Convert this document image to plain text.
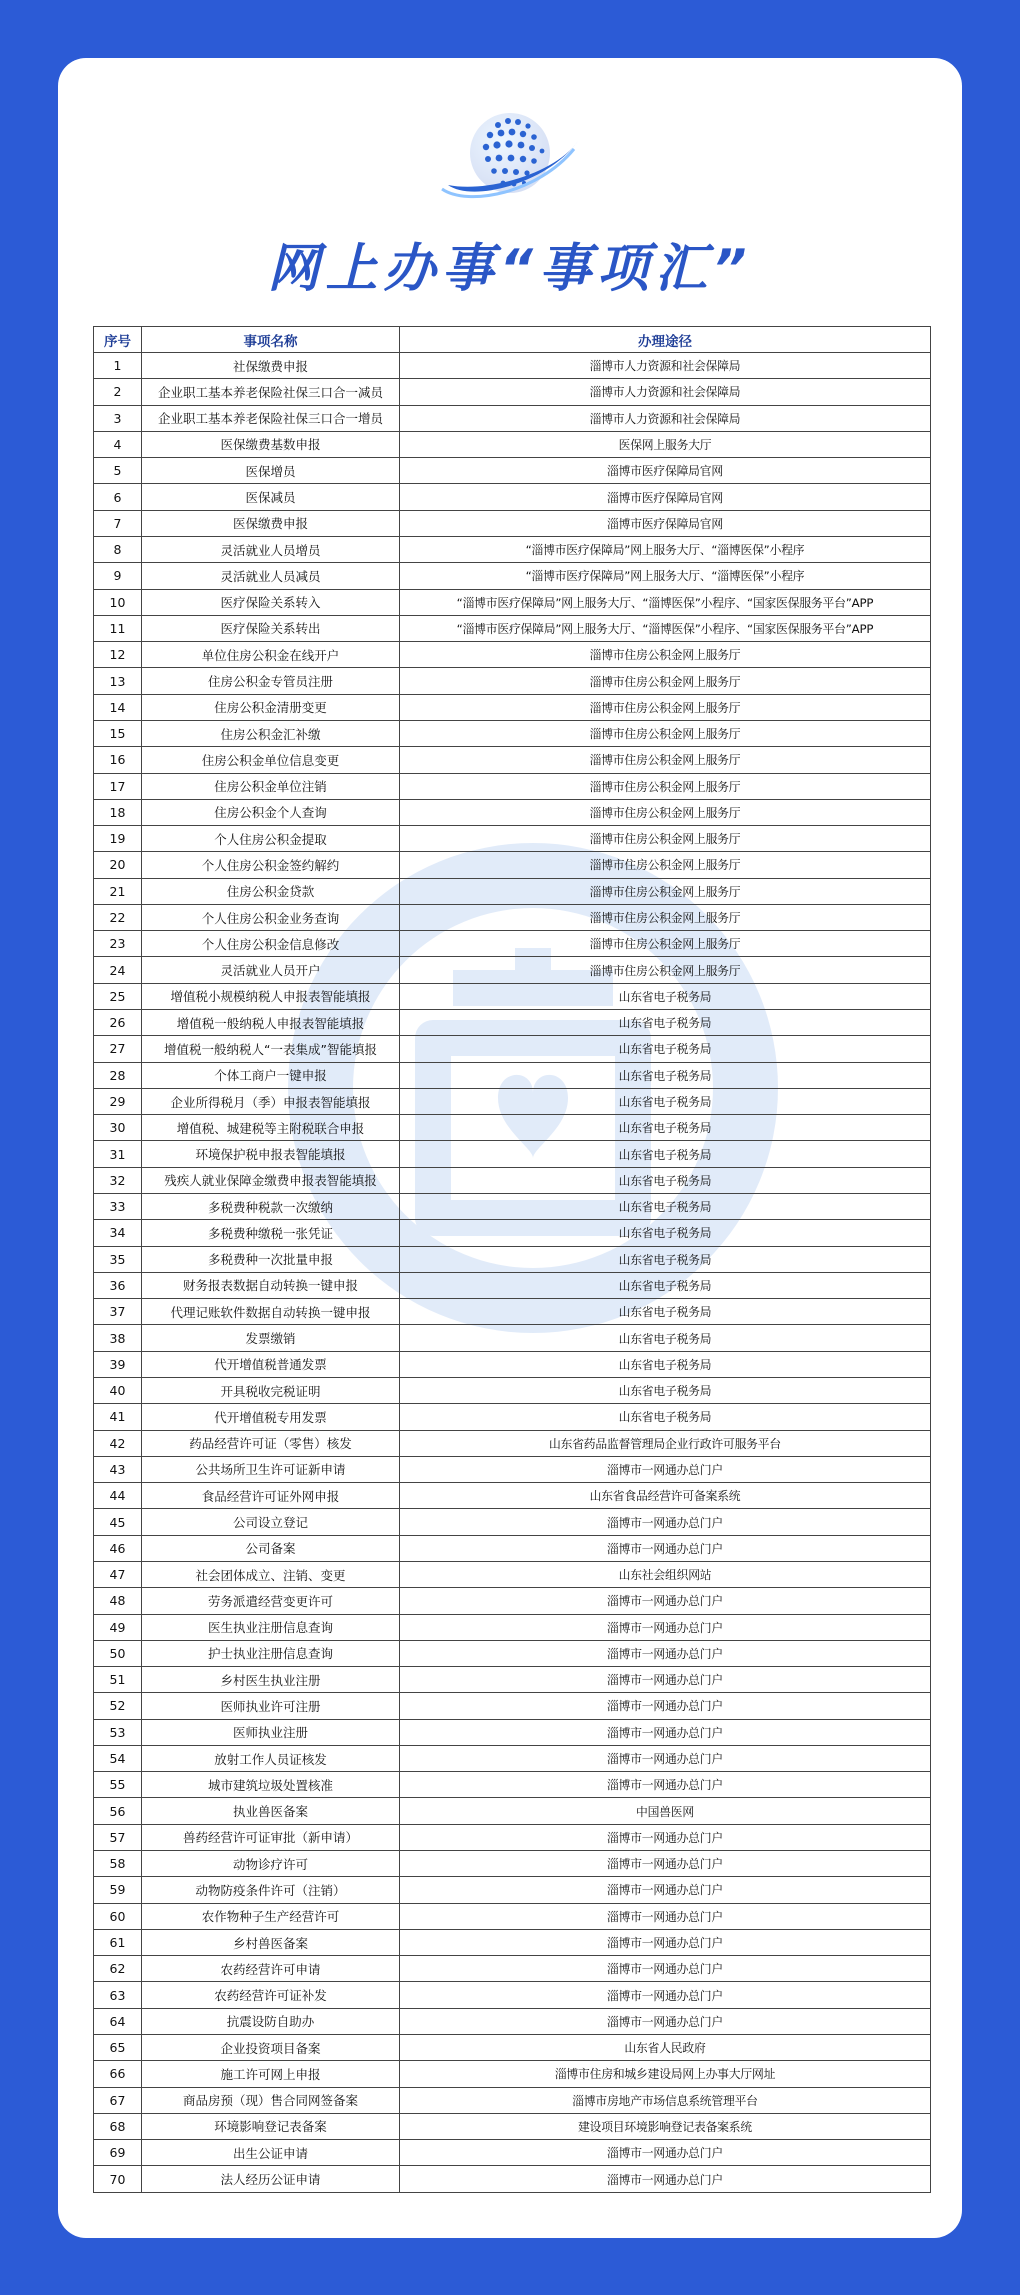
网上办事“事项汇”
序号	事项名称	办理途径
1	社保缴费申报	淄博市人力资源和社会保障局
2	企业职工基本养老保险社保三口合一减员	淄博市人力资源和社会保障局
3	企业职工基本养老保险社保三口合一增员	淄博市人力资源和社会保障局
4	医保缴费基数申报	医保网上服务大厅
5	医保增员	淄博市医疗保障局官网
6	医保减员	淄博市医疗保障局官网
7	医保缴费申报	淄博市医疗保障局官网
8	灵活就业人员增员	“淄博市医疗保障局”网上服务大厅、“淄博医保”小程序
9	灵活就业人员减员	“淄博市医疗保障局”网上服务大厅、“淄博医保”小程序
10	医疗保险关系转入	“淄博市医疗保障局”网上服务大厅、“淄博医保”小程序、“国家医保服务平台”APP
11	医疗保险关系转出	“淄博市医疗保障局”网上服务大厅、“淄博医保”小程序、“国家医保服务平台”APP
12	单位住房公积金在线开户	淄博市住房公积金网上服务厅
13	住房公积金专管员注册	淄博市住房公积金网上服务厅
14	住房公积金清册变更	淄博市住房公积金网上服务厅
15	住房公积金汇补缴	淄博市住房公积金网上服务厅
16	住房公积金单位信息变更	淄博市住房公积金网上服务厅
17	住房公积金单位注销	淄博市住房公积金网上服务厅
18	住房公积金个人查询	淄博市住房公积金网上服务厅
19	个人住房公积金提取	淄博市住房公积金网上服务厅
20	个人住房公积金签约解约	淄博市住房公积金网上服务厅
21	住房公积金贷款	淄博市住房公积金网上服务厅
22	个人住房公积金业务查询	淄博市住房公积金网上服务厅
23	个人住房公积金信息修改	淄博市住房公积金网上服务厅
24	灵活就业人员开户	淄博市住房公积金网上服务厅
25	增值税小规模纳税人申报表智能填报	山东省电子税务局
26	增值税一般纳税人申报表智能填报	山东省电子税务局
27	增值税一般纳税人“一表集成”智能填报	山东省电子税务局
28	个体工商户一键申报	山东省电子税务局
29	企业所得税月（季）申报表智能填报	山东省电子税务局
30	增值税、城建税等主附税联合申报	山东省电子税务局
31	环境保护税申报表智能填报	山东省电子税务局
32	残疾人就业保障金缴费申报表智能填报	山东省电子税务局
33	多税费种税款一次缴纳	山东省电子税务局
34	多税费种缴税一张凭证	山东省电子税务局
35	多税费种一次批量申报	山东省电子税务局
36	财务报表数据自动转换一键申报	山东省电子税务局
37	代理记账软件数据自动转换一键申报	山东省电子税务局
38	发票缴销	山东省电子税务局
39	代开增值税普通发票	山东省电子税务局
40	开具税收完税证明	山东省电子税务局
41	代开增值税专用发票	山东省电子税务局
42	药品经营许可证（零售）核发	山东省药品监督管理局企业行政许可服务平台
43	公共场所卫生许可证新申请	淄博市一网通办总门户
44	食品经营许可证外网申报	山东省食品经营许可备案系统
45	公司设立登记	淄博市一网通办总门户
46	公司备案	淄博市一网通办总门户
47	社会团体成立、注销、变更	山东社会组织网站
48	劳务派遣经营变更许可	淄博市一网通办总门户
49	医生执业注册信息查询	淄博市一网通办总门户
50	护士执业注册信息查询	淄博市一网通办总门户
51	乡村医生执业注册	淄博市一网通办总门户
52	医师执业许可注册	淄博市一网通办总门户
53	医师执业注册	淄博市一网通办总门户
54	放射工作人员证核发	淄博市一网通办总门户
55	城市建筑垃圾处置核准	淄博市一网通办总门户
56	执业兽医备案	中国兽医网
57	兽药经营许可证审批（新申请）	淄博市一网通办总门户
58	动物诊疗许可	淄博市一网通办总门户
59	动物防疫条件许可（注销）	淄博市一网通办总门户
60	农作物种子生产经营许可	淄博市一网通办总门户
61	乡村兽医备案	淄博市一网通办总门户
62	农药经营许可申请	淄博市一网通办总门户
63	农药经营许可证补发	淄博市一网通办总门户
64	抗震设防自助办	淄博市一网通办总门户
65	企业投资项目备案	山东省人民政府
66	施工许可网上申报	淄博市住房和城乡建设局网上办事大厅网址
67	商品房预（现）售合同网签备案	淄博市房地产市场信息系统管理平台
68	环境影响登记表备案	建设项目环境影响登记表备案系统
69	出生公证申请	淄博市一网通办总门户
70	法人经历公证申请	淄博市一网通办总门户
